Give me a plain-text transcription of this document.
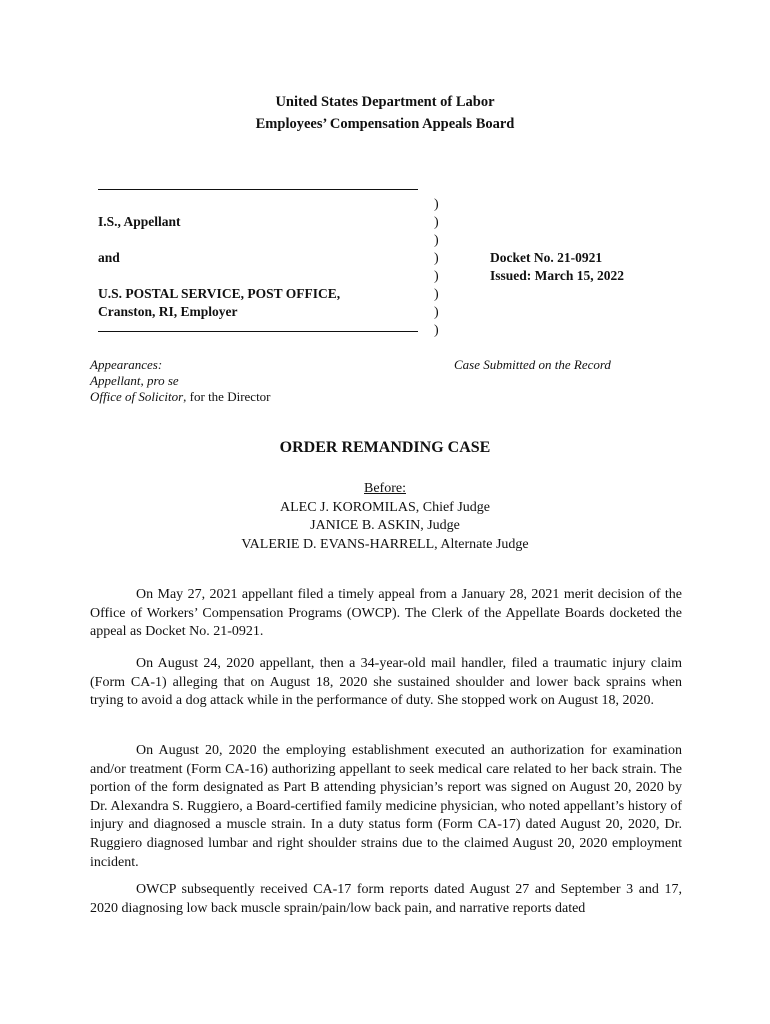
United States Department of Labor
Employees’ Compensation Appeals Board
I.S., Appellant
and
U.S. POSTAL SERVICE, POST OFFICE,
Cranston, RI, Employer
)
)
)
)
)
)
)
)
Docket No. 21-0921
Issued: March 15, 2022
Appearances:
Appellant, pro se
Office of Solicitor, for the Director
Case Submitted on the Record
ORDER REMANDING CASE
Before:
ALEC J. KOROMILAS, Chief Judge
JANICE B. ASKIN, Judge
VALERIE D. EVANS-HARRELL, Alternate Judge

On May 27, 2021 appellant filed a timely appeal from a January 28, 2021 merit decision of the Office of Workers’ Compensation Programs (OWCP). The Clerk of the Appellate Boards docketed the appeal as Docket No. 21-0921.

On August 24, 2020 appellant, then a 34-year-old mail handler, filed a traumatic injury claim (Form CA-1) alleging that on August 18, 2020 she sustained shoulder and lower back sprains when trying to avoid a dog attack while in the performance of duty. She stopped work on August 18, 2020.

On August 20, 2020 the employing establishment executed an authorization for examination and/or treatment (Form CA-16) authorizing appellant to seek medical care related to her back strain. The portion of the form designated as Part B attending physician’s report was signed on August 20, 2020 by Dr. Alexandra S. Ruggiero, a Board-certified family medicine physician, who noted appellant’s history of injury and diagnosed a muscle strain. In a duty status form (Form CA-17) dated August 20, 2020, Dr. Ruggiero diagnosed lumbar and right shoulder strains due to the claimed August 20, 2020 employment incident.

OWCP subsequently received CA-17 form reports dated August 27 and September 3 and 17, 2020 diagnosing low back muscle sprain/pain/low back pain, and narrative reports dated
